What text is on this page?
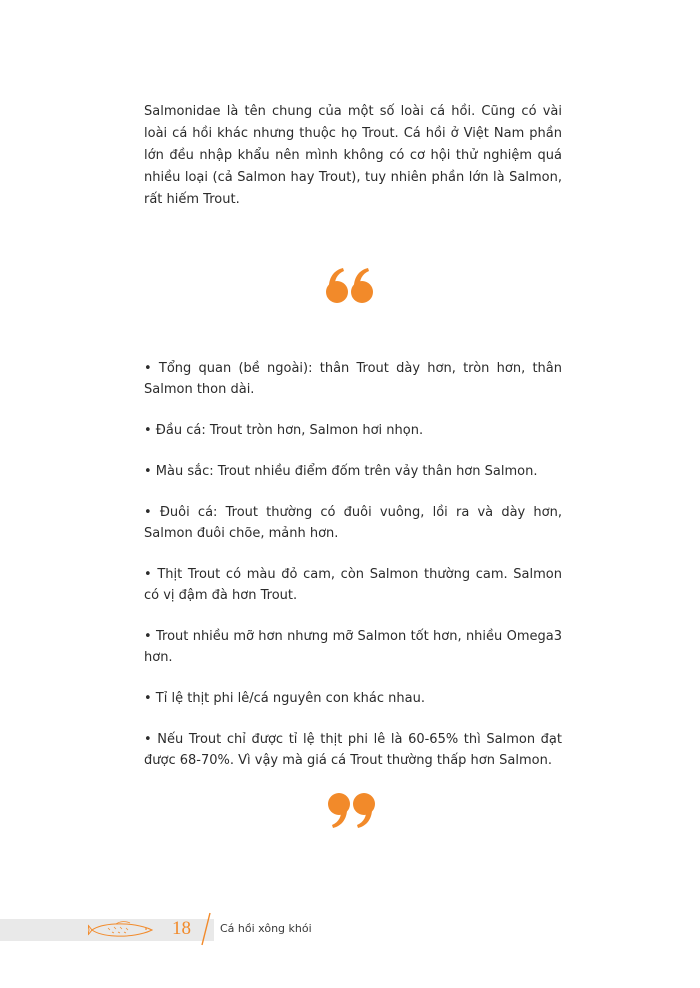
Salmonidae là tên chung của một số loài cá hồi. Cũng có vài loài cá hồi khác nhưng thuộc họ Trout. Cá hồi ở Việt Nam phần lớn đều nhập khẩu nên mình không có cơ hội thử nghiệm quá nhiều loại (cả Salmon hay Trout), tuy nhiên phần lớn là Salmon, rất hiếm Trout.

• Tổng quan (bề ngoài): thân Trout dày hơn, tròn hơn, thân Salmon thon dài.
• Đầu cá: Trout tròn hơn, Salmon hơi nhọn.
• Màu sắc: Trout nhiều điểm đốm trên vảy thân hơn Salmon.
• Đuôi cá: Trout thường có đuôi vuông, lồi ra và dày hơn, Salmon đuôi chõe, mảnh hơn.
• Thịt Trout có màu đỏ cam, còn Salmon thường cam. Salmon có vị đậm đà hơn Trout.
• Trout nhiều mỡ hơn nhưng mỡ Salmon tốt hơn, nhiều Omega3 hơn.
• Tỉ lệ thịt phi lê/cá nguyên con khác nhau.
• Nếu Trout chỉ được tỉ lệ thịt phi lê là 60-65% thì Salmon đạt được 68-70%. Vì vậy mà giá cá Trout thường thấp hơn Salmon.
18	Cá hồi xông khói
